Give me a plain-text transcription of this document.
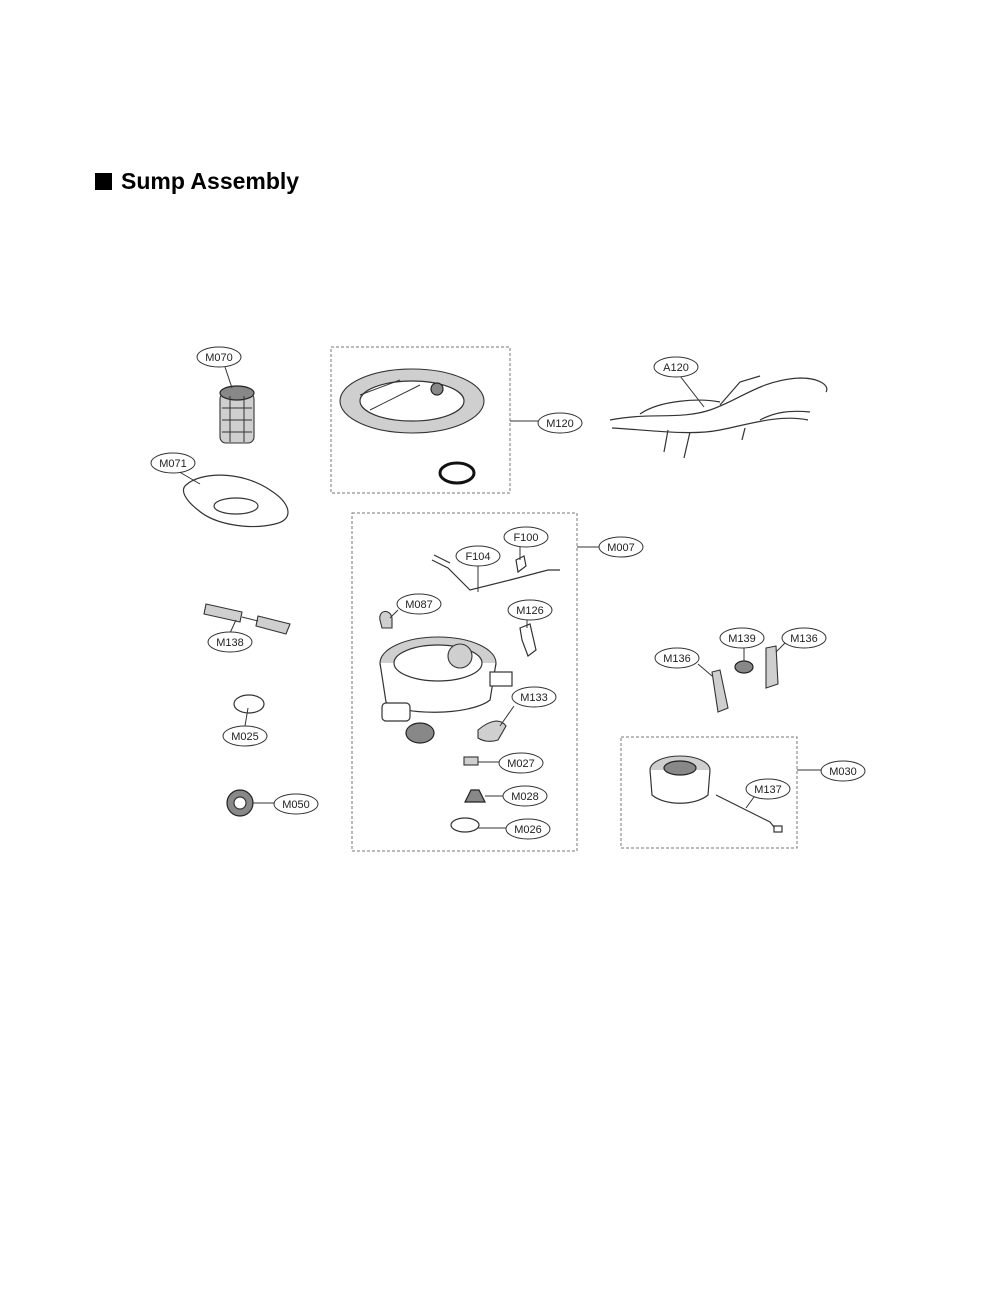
Sump Assembly
M070
M071
M120
A120
M007
F100
F104
M087	M126
M133
M027
M028
M026
M138
M025
M050
M139
M136
M136
M030
M137
